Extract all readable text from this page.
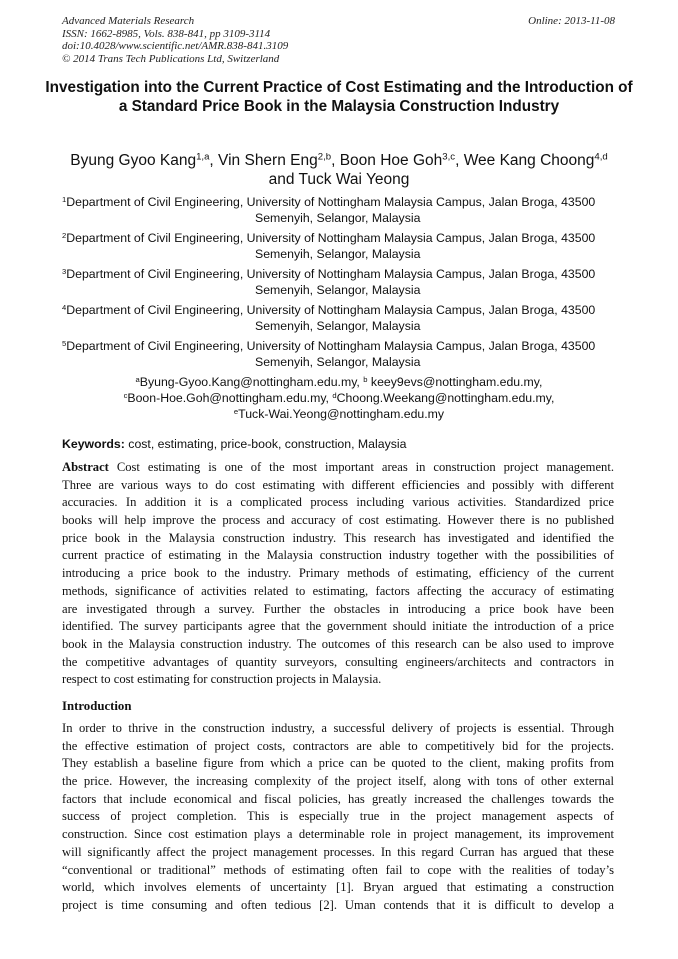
Advanced Materials Research
ISSN: 1662-8985, Vols. 838-841, pp 3109-3114
doi:10.4028/www.scientific.net/AMR.838-841.3109
© 2014 Trans Tech Publications Ltd, Switzerland
Online: 2013-11-08
Investigation into the Current Practice of Cost Estimating and the Introduction of a Standard Price Book in the Malaysia Construction Industry
Byung Gyoo Kang$^{1,a}$, Vin Shern Eng$^{2,b}$, Boon Hoe Goh$^{3,c}$, Wee Kang Choong$^{4,d}$
and Tuck Wai Yeong
$^1$Department of Civil Engineering, University of Nottingham Malaysia Campus, Jalan Broga, 43500
Semenyih, Selangor, Malaysia
$^2$Department of Civil Engineering, University of Nottingham Malaysia Campus, Jalan Broga, 43500
Semenyih, Selangor, Malaysia
$^3$Department of Civil Engineering, University of Nottingham Malaysia Campus, Jalan Broga, 43500
Semenyih, Selangor, Malaysia
$^4$Department of Civil Engineering, University of Nottingham Malaysia Campus, Jalan Broga, 43500
Semenyih, Selangor, Malaysia
$^5$Department of Civil Engineering, University of Nottingham Malaysia Campus, Jalan Broga, 43500
Semenyih, Selangor, Malaysia
$^a$Byung-Gyoo.Kang@nottingham.edu.my, $^b$ keey9evs@nottingham.edu.my,
$^c$Boon-Hoe.Goh@nottingham.edu.my, $^d$Choong.Weekang@nottingham.edu.my,
$^e$Tuck-Wai.Yeong@nottingham.edu.my
Keywords: cost, estimating, price-book, construction, Malaysia
Abstract Cost estimating is one of the most important areas in construction project management.
Three are various ways to do cost estimating with different efficiencies and possibly with different
accuracies. In addition it is a complicated process including various activities. Standardized price
books will help improve the process and accuracy of cost estimating. However there is no published
price book in the Malaysia construction industry. This research has investigated and identified the
current practice of estimating in the Malaysia construction industry together with the possibilities of
introducing a price book to the industry. Primary methods of estimating, efficiency of the current
methods, significance of activities related to estimating, factors affecting the accuracy of estimating
are investigated through a survey. Further the obstacles in introducing a price book have been
identified. The survey participants agree that the government should initiate the introduction of a price
book in the Malaysia construction industry. The outcomes of this research can be also used to improve
the competitive advantages of quantity surveyors, consulting engineers/architects and contractors in
respect to cost estimating for construction projects in Malaysia.
Introduction
In order to thrive in the construction industry, a successful delivery of projects is essential. Through
the effective estimation of project costs, contractors are able to competitively bid for the projects.
They establish a baseline figure from which a price can be quoted to the client, making profits from
the price. However, the increasing complexity of the project itself, along with tons of other external
factors that include economical and fiscal policies, has greatly increased the challenges towards the
success of project completion. This is especially true in the project management aspects of
construction. Since cost estimation plays a determinable role in project management, its improvement
will significantly affect the project management processes. In this regard Curran has argued that these
“conventional or traditional” methods of estimating often fail to cope with the realities of today’s
world, which involves elements of uncertainty [1]. Bryan argued that estimating a construction
project is time consuming and often tedious [2]. Uman contends that it is difficult to develop a
